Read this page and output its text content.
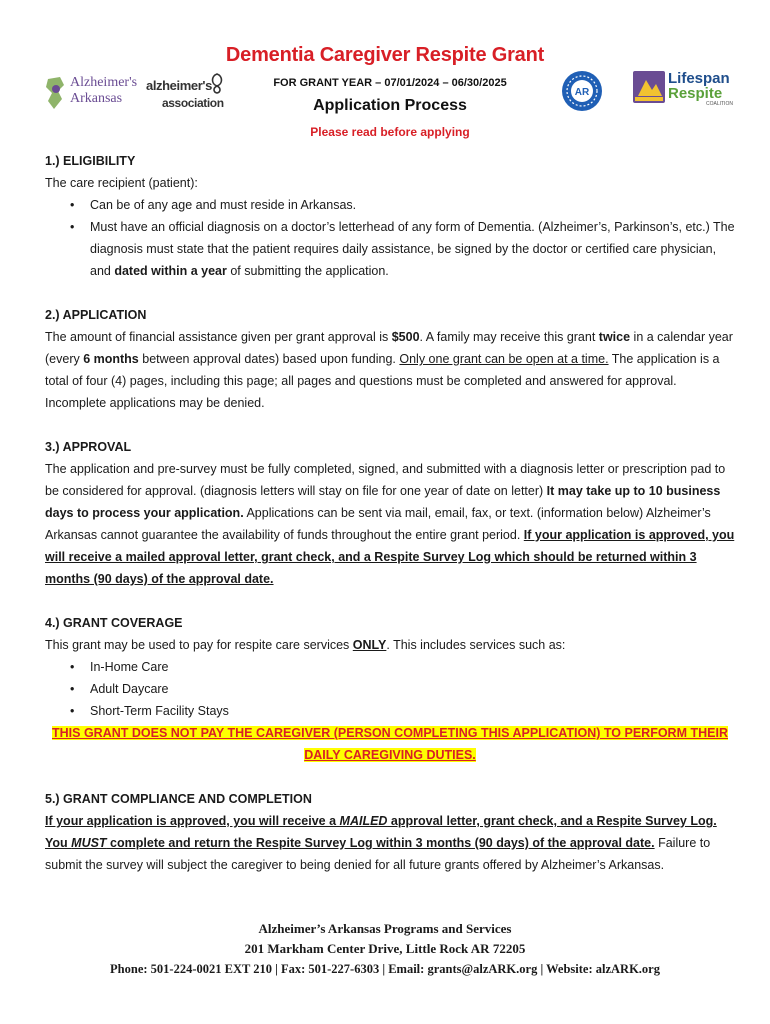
Alzheimer's
Arkansas
alzheimer's
association
AR
Lifespan
Respite
COALITION
Dementia Caregiver Respite Grant
FOR GRANT YEAR – 07/01/2024 – 06/30/2025
Application Process
Please read before applying
1.) ELIGIBILITY
The care recipient (patient):
• Can be of any age and must reside in Arkansas.
• Must have an official diagnosis on a doctor’s letterhead of any form of Dementia. (Alzheimer’s, Parkinson’s, etc.) The diagnosis must state that the patient requires daily assistance, be signed by the doctor or certified care physician, and dated within a year of submitting the application.
2.) APPLICATION
The amount of financial assistance given per grant approval is $500. A family may receive this grant twice in a calendar year (every 6 months between approval dates) based upon funding. Only one grant can be open at a time. The application is a total of four (4) pages, including this page; all pages and questions must be completed and answered for approval. Incomplete applications may be denied.
3.) APPROVAL
The application and pre-survey must be fully completed, signed, and submitted with a diagnosis letter or prescription pad to be considered for approval. (diagnosis letters will stay on file for one year of date on letter) It may take up to 10 business days to process your application. Applications can be sent via mail, email, fax, or text. (information below) Alzheimer’s Arkansas cannot guarantee the availability of funds throughout the entire grant period. If your application is approved, you will receive a mailed approval letter, grant check, and a Respite Survey Log which should be returned within 3 months (90 days) of the approval date.
4.) GRANT COVERAGE
This grant may be used to pay for respite care services ONLY. This includes services such as:
• In-Home Care
• Adult Daycare
• Short-Term Facility Stays
THIS GRANT DOES NOT PAY THE CAREGIVER (PERSON COMPLETING THIS APPLICATION) TO PERFORM THEIR
DAILY CAREGIVING DUTIES.
5.) GRANT COMPLIANCE AND COMPLETION
If your application is approved, you will receive a MAILED approval letter, grant check, and a Respite Survey Log. You MUST complete and return the Respite Survey Log within 3 months (90 days) of the approval date. Failure to submit the survey will subject the caregiver to being denied for all future grants offered by Alzheimer’s Arkansas.
Alzheimer’s Arkansas Programs and Services
201 Markham Center Drive, Little Rock AR 72205
Phone: 501-224-0021 EXT 210 | Fax: 501-227-6303 | Email: grants@alzARK.org | Website: alzARK.org
